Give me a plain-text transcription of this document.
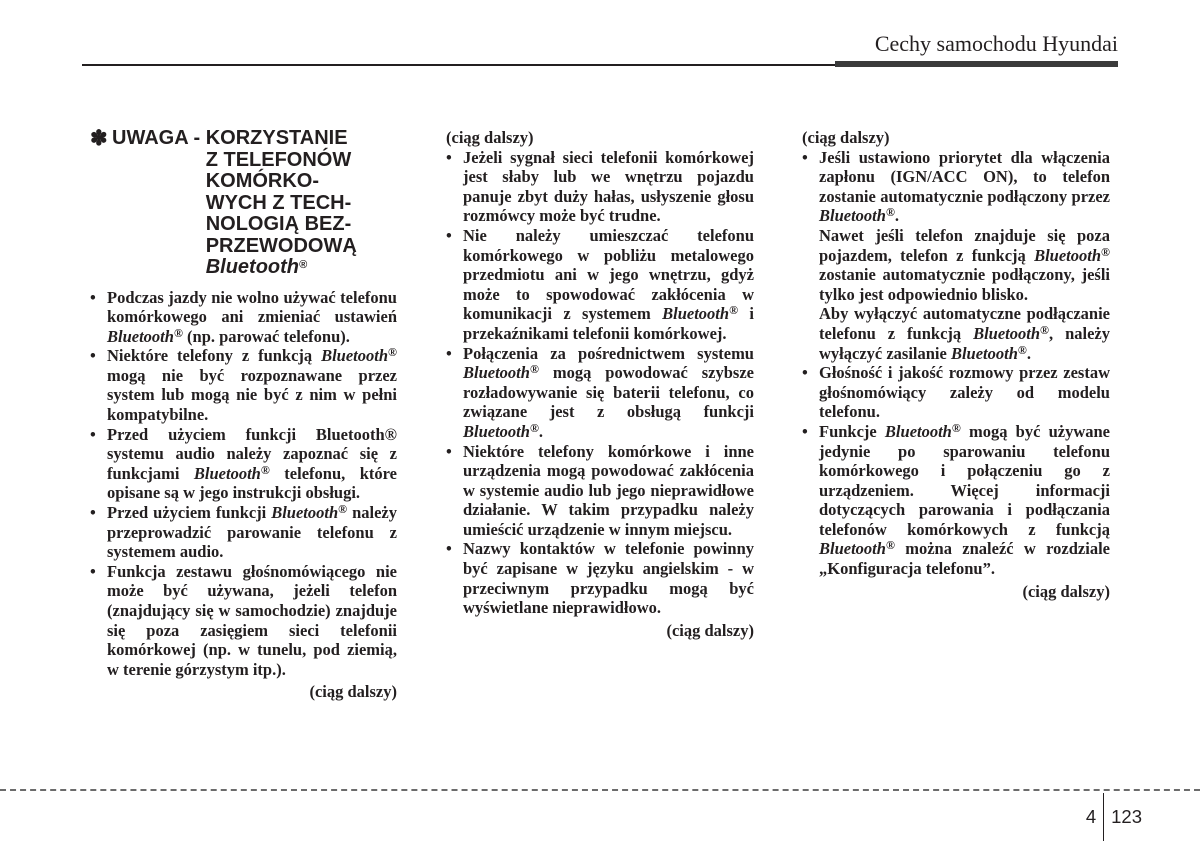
Cechy samochodu Hyundai
✽ UWAGA - KORZYSTANIE
Z TELEFONÓW
KOMÓRKO-
WYCH Z TECH-
NOLOGIĄ BEZ-
PRZEWODOWĄ
Bluetooth®
• Podczas jazdy nie wolno używać telefonu komórkowego ani zmieniać ustawień Bluetooth® (np. parować telefonu).
• Niektóre telefony z funkcją Bluetooth® mogą nie być rozpoznawane przez system lub mogą nie być z nim w pełni kompatybilne.
• Przed użyciem funkcji Bluetooth® systemu audio należy zapoznać się z funkcjami Bluetooth® telefonu, które opisane są w jego instrukcji obsługi.
• Przed użyciem funkcji Bluetooth® należy przeprowadzić parowanie telefonu z systemem audio.
• Funkcja zestawu głośnomówiącego nie może być używana, jeżeli telefon (znajdujący się w samochodzie) znajduje się poza zasięgiem sieci telefonii komórkowej (np. w tunelu, pod ziemią, w terenie górzystym itp.).

(ciąg dalszy)

(ciąg dalszy)

• Jeżeli sygnał sieci telefonii komórkowej jest słaby lub we wnętrzu pojazdu panuje zbyt duży hałas, usłyszenie głosu rozmówcy może być trudne.
• Nie należy umieszczać telefonu komórkowego w pobliżu metalowego przedmiotu ani w jego wnętrzu, gdyż może to spowodować zakłócenia w komunikacji z systemem Bluetooth® i przekaźnikami telefonii komórkowej.
• Połączenia za pośrednictwem systemu Bluetooth® mogą powodować szybsze rozładowywanie się baterii telefonu, co związane jest z obsługą funkcji Bluetooth®.
• Niektóre telefony komórkowe i inne urządzenia mogą powodować zakłócenia w systemie audio lub jego nieprawidłowe działanie. W takim przypadku należy umieścić urządzenie w innym miejscu.
• Nazwy kontaktów w telefonie powinny być zapisane w języku angielskim - w przeciwnym przypadku mogą być wyświetlane nieprawidłowo.

(ciąg dalszy)

(ciąg dalszy)

• Jeśli ustawiono priorytet dla włączenia zapłonu (IGN/ACC ON), to telefon zostanie automatycznie podłączony przez Bluetooth®.

Nawet jeśli telefon znajduje się poza pojazdem, telefon z funkcją Bluetooth® zostanie automatycznie podłączony, jeśli tylko jest odpowiednio blisko.

Aby wyłączyć automatyczne podłączanie telefonu z funkcją Bluetooth®, należy wyłączyć zasilanie Bluetooth®.

• Głośność i jakość rozmowy przez zestaw głośnomówiący zależy od modelu telefonu.
• Funkcje Bluetooth® mogą być używane jedynie po sparowaniu telefonu komórkowego i połączeniu go z urządzeniem. Więcej informacji dotyczących parowania i podłączania telefonów komórkowych z funkcją Bluetooth® można znaleźć w rozdziale „Konfiguracja telefonu”.

(ciąg dalszy)

4 123
